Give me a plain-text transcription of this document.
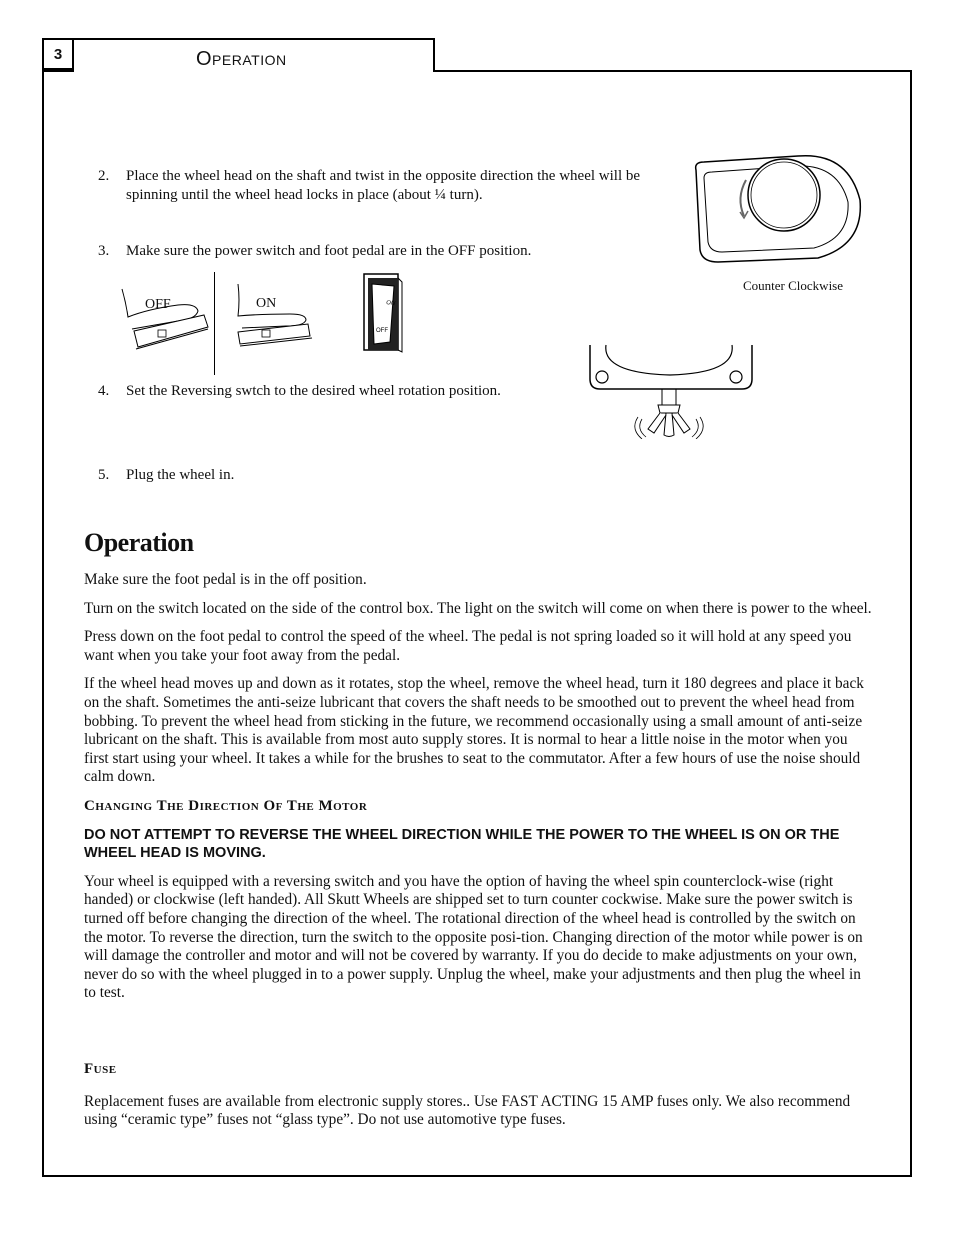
3	Operation
2.	Place the wheel head on the shaft and twist in the opposite direction the wheel will be spinning until the wheel head locks in place (about ¼ turn).
3.	Make sure the power switch and foot pedal are in the OFF position.
4.	Set the Reversing swtch to the desired wheel rotation position.
5.	Plug the wheel in.
Counter Clockwise
OFF	ON	ON
OFF
Operation

Make sure the foot pedal is in the off position.

Turn on the switch located on the side of the control box. The light on the switch will come on when there is power to the wheel.

Press down on the foot pedal to control the speed of the wheel. The pedal is not spring loaded so it will hold at any speed you want when you take your foot away from the pedal.

If the wheel head moves up and down as it rotates, stop the wheel, remove the wheel head, turn it 180 degrees and place it back on the shaft. Sometimes the anti-seize lubricant that covers the shaft needs to be smoothed out to prevent the wheel head from bobbing. To prevent the wheel head from sticking in the future, we recommend occasionally using a small amount of anti-seize lubricant on the shaft. This is available from most auto supply stores. It is normal to hear a little noise in the motor when you first start using your wheel. It takes a while for the brushes to seat to the commutator. After a few hours of use the noise should calm down.

Changing The Direction Of The Motor

DO NOT ATTEMPT TO REVERSE THE WHEEL DIRECTION WHILE THE POWER TO THE WHEEL IS ON OR THE WHEEL HEAD IS MOVING.

Your wheel is equipped with a reversing switch and you have the option of having the wheel spin counterclock-wise (right handed) or clockwise (left handed). All Skutt Wheels are shipped set to turn counter cockwise. Make sure the power switch is turned off before changing the direction of the wheel. The rotational direction of the wheel head is controlled by the switch on the motor. To reverse the direction, turn the switch to the opposite posi-tion. Changing direction of the motor while power is on will damage the controller and motor and will not be covered by warranty. If you do decide to make adjustments on your own, never do so with the wheel plugged in to a power supply. Unplug the wheel, make your adjustments and then plug the wheel in to test.

Fuse

Replacement fuses are available from electronic supply stores.. Use FAST ACTING 15 AMP fuses only. We also recommend using “ceramic type” fuses not “glass type”. Do not use automotive type fuses.
